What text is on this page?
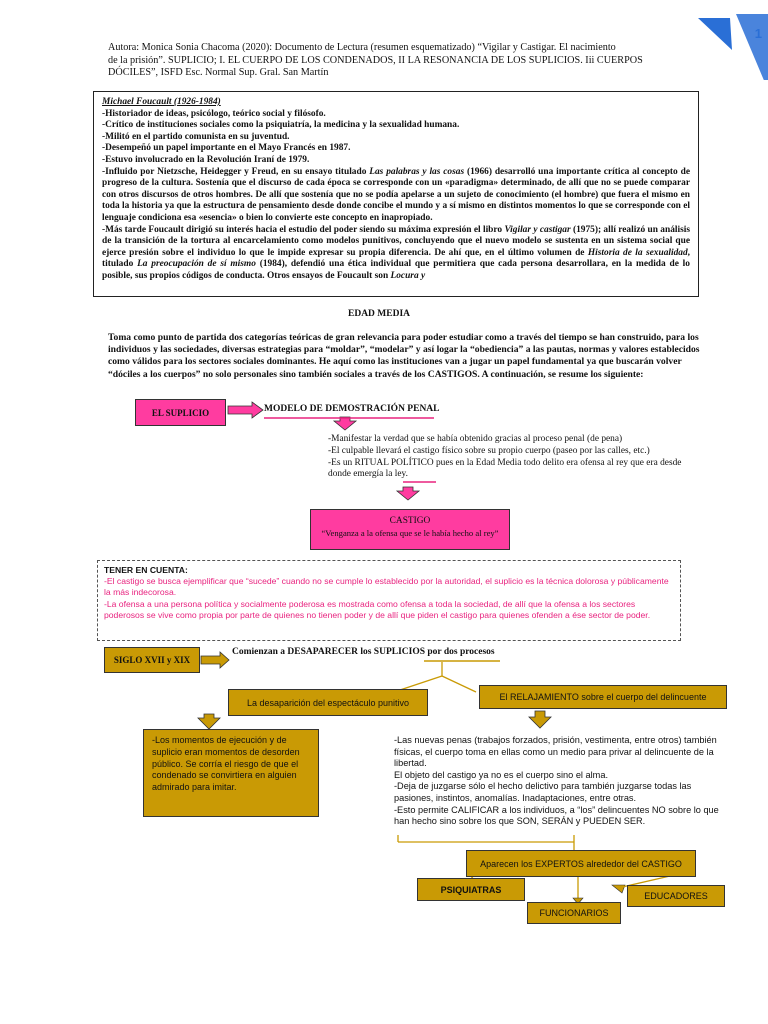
1
Autora: Monica Sonia Chacoma (2020): Documento de Lectura (resumen esquematizado) “Vigilar y Castigar. El nacimiento
de la prisión”. SUPLICIO; I. EL CUERPO DE LOS CONDENADOS, II LA RESONANCIA DE LOS SUPLICIOS. Iii CUERPOS
DÓCILES”, ISFD Esc. Normal Sup. Gral. San Martín
Michael Foucault (1926-1984)

-Historiador de ideas, psicólogo, teórico social y filósofo.

-Crítico de instituciones sociales como la psiquiatría, la medicina y la sexualidad humana.

-Militó en el partido comunista en su juventud.

-Desempeñó un papel importante en el Mayo Francés en 1987.

-Estuvo involucrado en la Revolución Iraní de 1979.

-Influido por Nietzsche, Heidegger y Freud, en su ensayo titulado Las palabras y las cosas (1966) desarrolló una importante crítica al concepto de progreso de la cultura. Sostenía que el discurso de cada época se corresponde con un «paradigma» determinado, de allí que no se puede comparar con otros discursos de otros hombres. De allí que sostenía que no se podía apelarse a un sujeto de conocimiento (el hombre) que fuera el mismo en toda la historia ya que la estructura de pensamiento desde donde concibe el mundo y a sí mismo en distintos momentos lo que se corresponde con el lenguaje condiciona esa «esencia» o bien lo convierte este concepto en inapropiado.

-Más tarde Foucault dirigió su interés hacia el estudio del poder siendo su máxima expresión el libro Vigilar y castigar (1975); allí realizó un análisis de la transición de la tortura al encarcelamiento como modelos punitivos, concluyendo que el nuevo modelo se sustenta en un sistema social que ejerce presión sobre el individuo lo que le impide expresar su propia diferencia. De ahí que, en el último volumen de Historia de la sexualidad, titulado La preocupación de sí mismo (1984), defendió una ética individual que permitiera que cada persona desarrollara, en la medida de lo posible, sus propios códigos de conducta. Otros ensayos de Foucault son Locura y

EDAD MEDIA
Toma como punto de partida dos categorías teóricas de gran relevancia para poder estudiar como a través del tiempo se han construido, para los individuos y las sociedades, diversas estrategias para “moldar”, “modelar” y así logar la “obediencia” a las pautas, normas y valores establecidos como válidos para los sectores sociales dominantes. He aquí como las instituciones van a jugar un papel fundamental ya que buscarán volver “dóciles a los cuerpos” no solo personales sino también sociales a través de los CASTIGOS. A continuación, se resume los siguiente:
EL SUPLICIO	MODELO DE DEMOSTRACIÓN PENAL
-Manifestar la verdad que se había obtenido gracias al proceso penal (de pena)
-El culpable llevará el castigo físico sobre su propio cuerpo (paseo por las calles, etc.)
-Es un RITUAL POLÍTICO pues en la Edad Media todo delito era ofensa al rey que era desde donde emergía la ley.
CASTIGO
“Venganza a la ofensa que se le había hecho al rey”
TENER EN CUENTA:
-El castigo se busca ejemplificar que “sucede” cuando no se cumple lo establecido por la autoridad, el suplicio es la técnica dolorosa y públicamente la más indecorosa.
-La ofensa a una persona política y socialmente poderosa es mostrada como ofensa a toda la sociedad, de allí que la ofensa a los sectores poderosos se vive como propia por parte de quienes no tienen poder y de allí que piden el castigo para quienes ofenden a ése sector de poder.
SIGLO XVII y XIX
Comienzan a DESAPARECER los SUPLICIOS por dos procesos
La desaparición del espectáculo punitivo
El RELAJAMIENTO sobre el cuerpo del delincuente
-Los momentos de ejecución y de suplicio eran momentos de desorden público. Se corría el riesgo de que el condenado se convirtiera en alguien admirado para imitar.
-Las nuevas penas (trabajos forzados, prisión, vestimenta, entre otros) también físicas, el cuerpo toma en ellas como un medio para privar al delincuente de la libertad.
El objeto del castigo ya no es el cuerpo sino el alma.
-Deja de juzgarse sólo el hecho delictivo para también juzgarse todas las pasiones, instintos, anomalías. Inadaptaciones, entre otras.
-Esto permite CALIFICAR a los individuos, a “los” delincuentes NO sobre lo que han hecho sino sobre los que SON, SERÁN y PUEDEN SER.
Aparecen los EXPERTOS alrededor del CASTIGO
PSIQUIATRAS
EDUCADORES
FUNCIONARIOS
